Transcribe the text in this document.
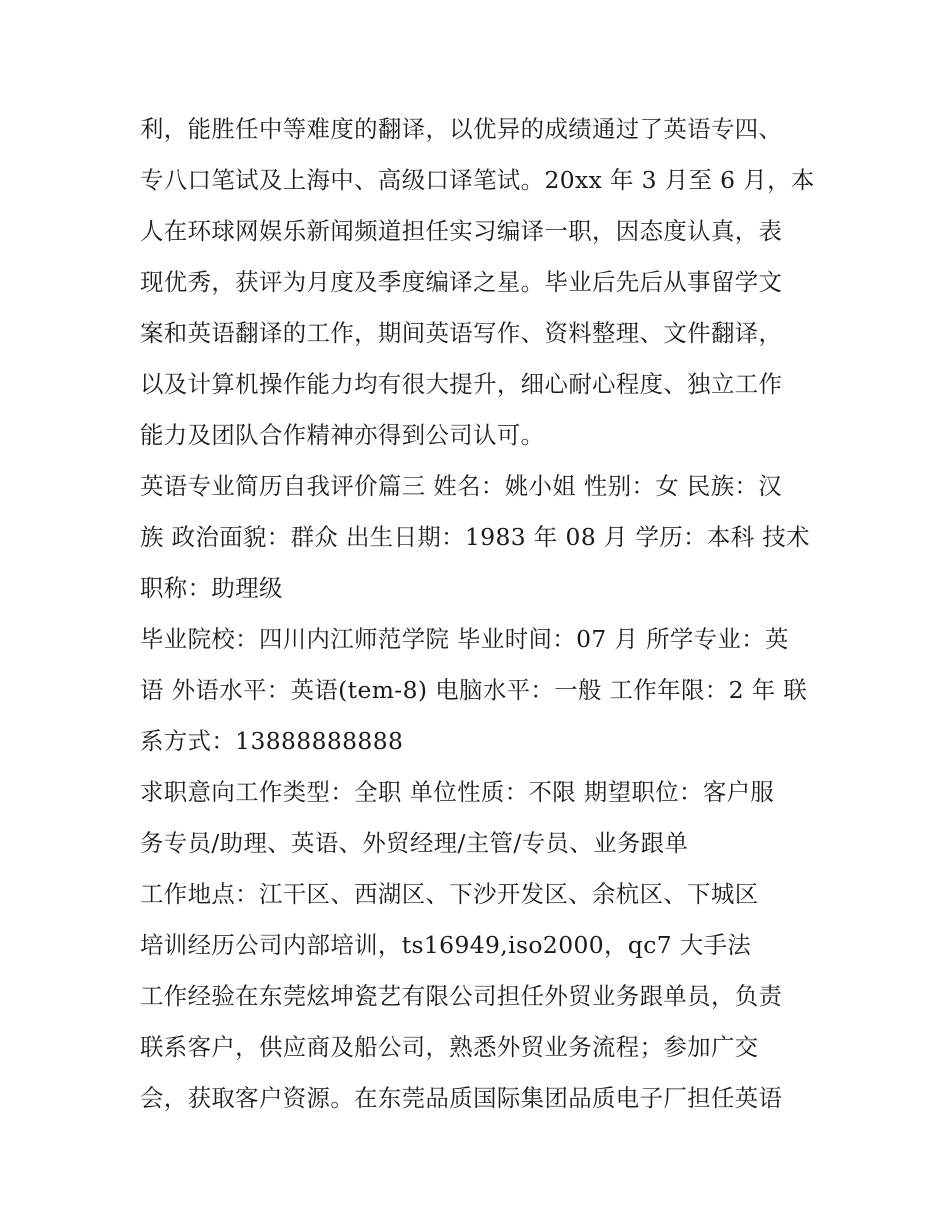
利，能胜任中等难度的翻译，以优异的成绩通过了英语专四、
专八口笔试及上海中、高级口译笔试。20xx 年 3 月至 6 月，本
人在环球网娱乐新闻频道担任实习编译一职，因态度认真，表
现优秀，获评为月度及季度编译之星。毕业后先后从事留学文
案和英语翻译的工作，期间英语写作、资料整理、文件翻译，
以及计算机操作能力均有很大提升，细心耐心程度、独立工作
能力及团队合作精神亦得到公司认可。

英语专业简历自我评价篇三 姓名：姚小姐 性别：女 民族：汉
族 政治面貌：群众 出生日期：1983 年 08 月 学历：本科 技术
职称：助理级

毕业院校：四川内江师范学院 毕业时间：07 月 所学专业：英
语 外语水平：英语(tem-8) 电脑水平：一般 工作年限：2 年 联
系方式：13888888888

求职意向工作类型：全职 单位性质：不限 期望职位：客户服
务专员/助理、英语、外贸经理/主管/专员、业务跟单

工作地点：江干区、西湖区、下沙开发区、余杭区、下城区

培训经历公司内部培训，ts16949,iso2000，qc7 大手法

工作经验在东莞炫坤瓷艺有限公司担任外贸业务跟单员，负责
联系客户，供应商及船公司，熟悉外贸业务流程；参加广交
会，获取客户资源。在东莞品质国际集团品质电子厂担任英语
